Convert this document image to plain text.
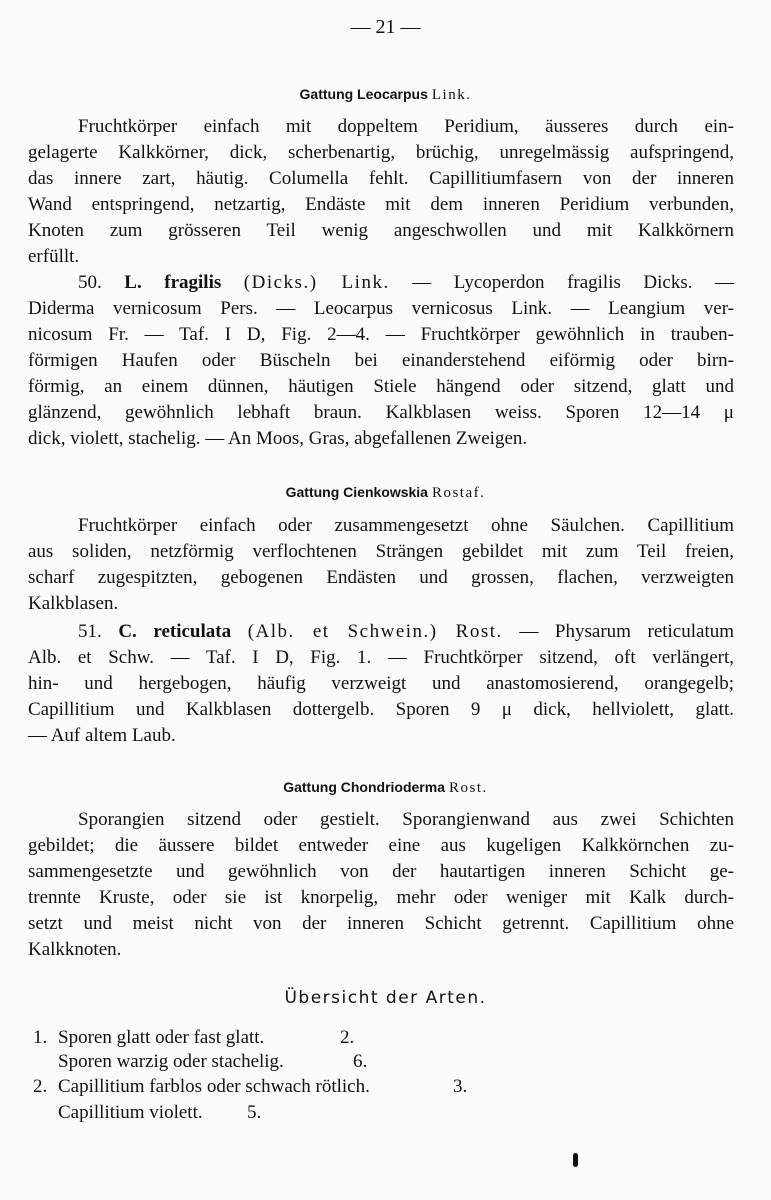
— 21 —
Gattung Leocarpus Link.
Fruchtkörper einfach mit doppeltem Peridium, äusseres durch ein-
gelagerte Kalkkörner, dick, scherbenartig, brüchig, unregelmässig aufspringend,
das innere zart, häutig. Columella fehlt. Capillitiumfasern von der inneren
Wand entspringend, netzartig, Endäste mit dem inneren Peridium verbunden,
Knoten zum grösseren Teil wenig angeschwollen und mit Kalkkörnern
erfüllt.
50. L. fragilis (Dicks.) Link. — Lycoperdon fragilis Dicks. —
Diderma vernicosum Pers. — Leocarpus vernicosus Link. — Leangium ver-
nicosum Fr. — Taf. I D, Fig. 2—4. — Fruchtkörper gewöhnlich in trauben-
förmigen Haufen oder Büscheln bei einanderstehend eiförmig oder birn-
förmig, an einem dünnen, häutigen Stiele hängend oder sitzend, glatt und
glänzend, gewöhnlich lebhaft braun. Kalkblasen weiss. Sporen 12—14 μ
dick, violett, stachelig. — An Moos, Gras, abgefallenen Zweigen.
Gattung Cienkowskia Rostaf.
Fruchtkörper einfach oder zusammengesetzt ohne Säulchen. Capillitium
aus soliden, netzförmig verflochtenen Strängen gebildet mit zum Teil freien,
scharf zugespitzten, gebogenen Endästen und grossen, flachen, verzweigten
Kalkblasen.
51. C. reticulata (Alb. et Schwein.) Rost. — Physarum reticulatum
Alb. et Schw. — Taf. I D, Fig. 1. — Fruchtkörper sitzend, oft verlängert,
hin- und hergebogen, häufig verzweigt und anastomosierend, orangegelb;
Capillitium und Kalkblasen dottergelb. Sporen 9 μ dick, hellviolett, glatt.
— Auf altem Laub.
Gattung Chondrioderma Rost.
Sporangien sitzend oder gestielt. Sporangienwand aus zwei Schichten
gebildet; die äussere bildet entweder eine aus kugeligen Kalkkörnchen zu-
sammengesetzte und gewöhnlich von der hautartigen inneren Schicht ge-
trennte Kruste, oder sie ist knorpelig, mehr oder weniger mit Kalk durch-
setzt und meist nicht von der inneren Schicht getrennt. Capillitium ohne
Kalkknoten.
Übersicht der Arten.
1. Sporen glatt oder fast glatt.	2.
Sporen warzig oder stachelig.	6.
2. Capillitium farblos oder schwach rötlich.	3.
Capillitium violett. 5.
